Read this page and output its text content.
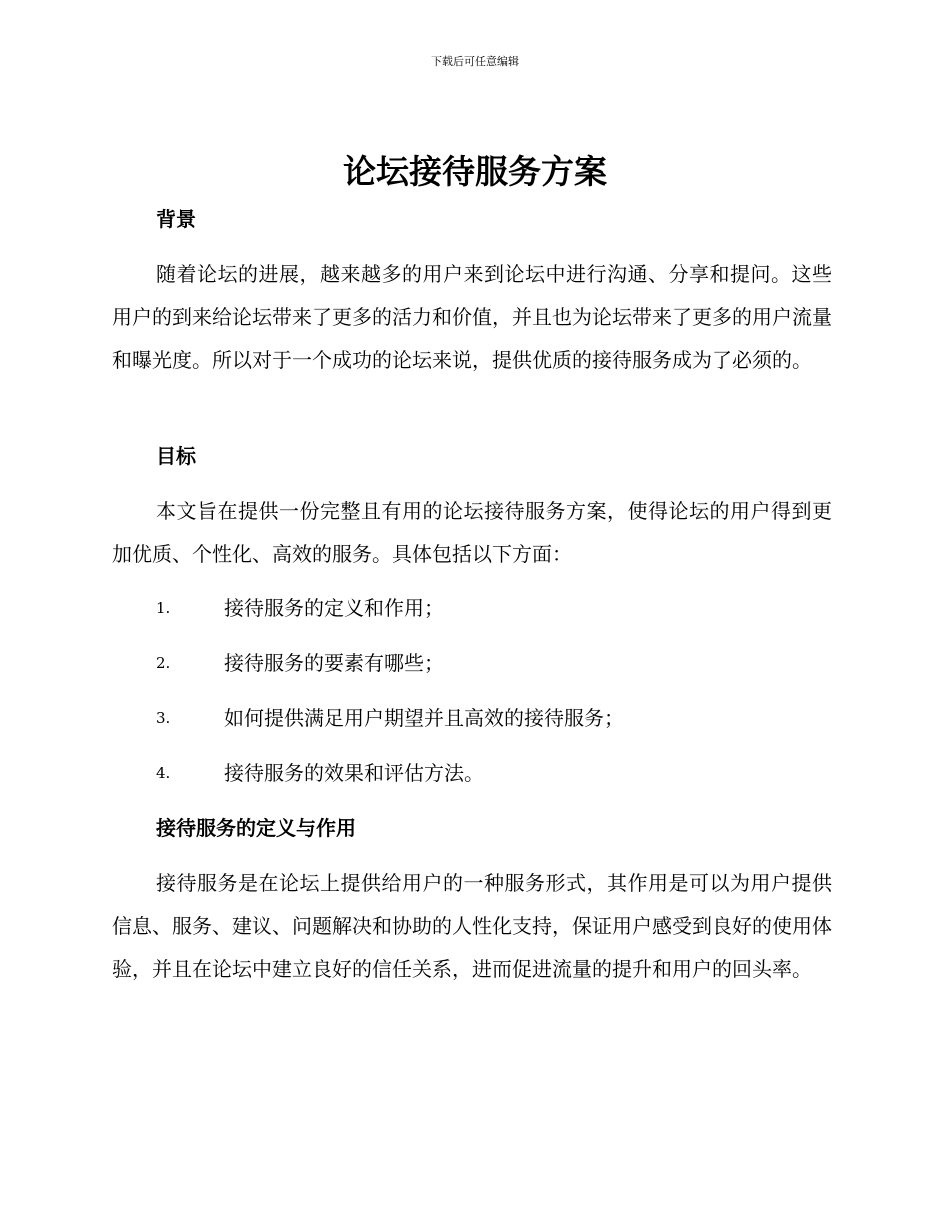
下载后可任意编辑
论坛接待服务方案
背景
随着论坛的进展，越来越多的用户来到论坛中进行沟通、分享和提问。这些用户的到来给论坛带来了更多的活力和价值，并且也为论坛带来了更多的用户流量和曝光度。所以对于一个成功的论坛来说，提供优质的接待服务成为了必须的。
目标
本文旨在提供一份完整且有用的论坛接待服务方案，使得论坛的用户得到更加优质、个性化、高效的服务。具体包括以下方面：
1.	接待服务的定义和作用；
2.	接待服务的要素有哪些；
3.	如何提供满足用户期望并且高效的接待服务；
4.	接待服务的效果和评估方法。
接待服务的定义与作用
接待服务是在论坛上提供给用户的一种服务形式，其作用是可以为用户提供信息、服务、建议、问题解决和协助的人性化支持，保证用户感受到良好的使用体验，并且在论坛中建立良好的信任关系，进而促进流量的提升和用户的回头率。
